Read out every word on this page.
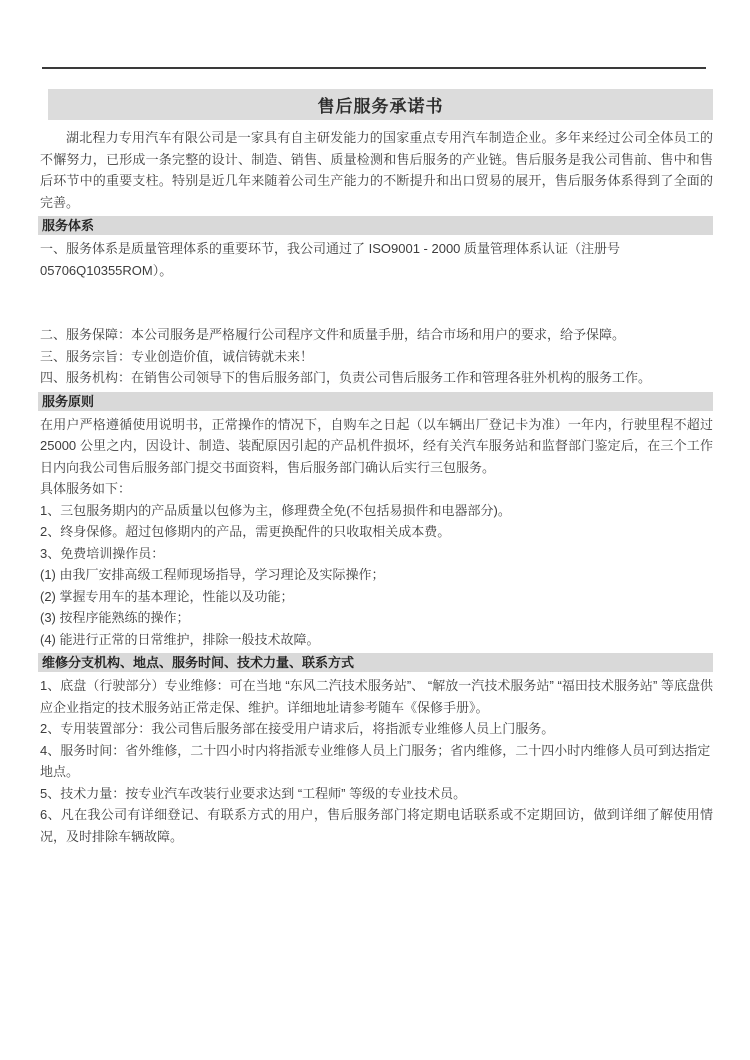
售后服务承诺书

湖北程力专用汽车有限公司是一家具有自主研发能力的国家重点专用汽车制造企业。多年来经过公司全体员工的不懈努力，已形成一条完整的设计、制造、销售、质量检测和售后服务的产业链。售后服务是我公司售前、售中和售后环节中的重要支柱。特别是近几年来随着公司生产能力的不断提升和出口贸易的展开，售后服务体系得到了全面的完善。

服务体系

一、服务体系是质量管理体系的重要环节，我公司通过了 ISO9001 - 2000 质量管理体系认证（注册号 05706Q10355ROM）。

二、服务保障：本公司服务是严格履行公司程序文件和质量手册，结合市场和用户的要求，给予保障。

三、服务宗旨：专业创造价值，诚信铸就未来！

四、服务机构：在销售公司领导下的售后服务部门，负责公司售后服务工作和管理各驻外机构的服务工作。

服务原则

在用户严格遵循使用说明书，正常操作的情况下，自购车之日起（以车辆出厂登记卡为准）一年内，行驶里程不超过 25000 公里之内，因设计、制造、装配原因引起的产品机件损坏，经有关汽车服务站和监督部门鉴定后，在三个工作日内向我公司售后服务部门提交书面资料，售后服务部门确认后实行三包服务。

具体服务如下：

1、三包服务期内的产品质量以包修为主，修理费全免(不包括易损件和电器部分)。

2、终身保修。超过包修期内的产品，需更换配件的只收取相关成本费。

3、免费培训操作员：

(1) 由我厂安排高级工程师现场指导，学习理论及实际操作；

(2) 掌握专用车的基本理论，性能以及功能；

(3) 按程序能熟练的操作；

(4) 能进行正常的日常维护，排除一般技术故障。

维修分支机构、地点、服务时间、技术力量、联系方式

1、底盘（行驶部分）专业维修：可在当地 “东风二汽技术服务站”、 “解放一汽技术服务站” “福田技术服务站” 等底盘供应企业指定的技术服务站正常走保、维护。详细地址请参考随车《保修手册》。

2、专用装置部分：我公司售后服务部在接受用户请求后，将指派专业维修人员上门服务。

4、服务时间：省外维修，二十四小时内将指派专业维修人员上门服务；省内维修，二十四小时内维修人员可到达指定地点。

5、技术力量：按专业汽车改装行业要求达到 “工程师” 等级的专业技术员。

6、凡在我公司有详细登记、有联系方式的用户，售后服务部门将定期电话联系或不定期回访，做到详细了解使用情况，及时排除车辆故障。
